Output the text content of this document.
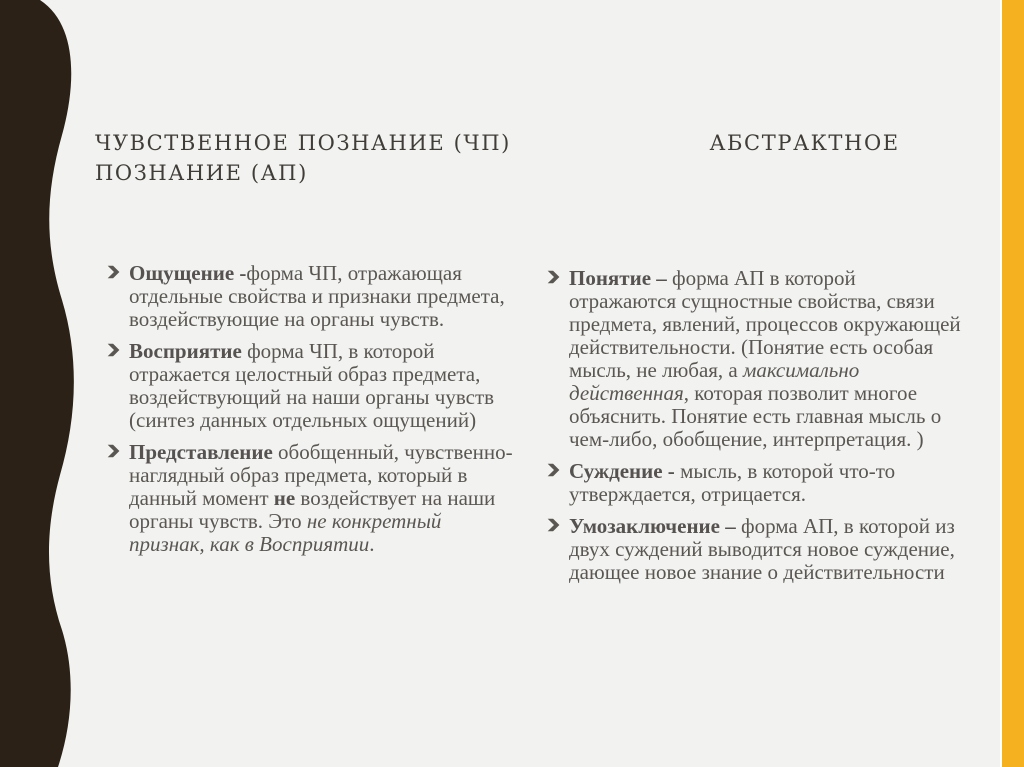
ЧУВСТВЕННОЕ ПОЗНАНИЕ (ЧП)                        АБСТРАКТНОЕ
ПОЗНАНИЕ (АП)
Ощущение -форма ЧП, отражающая отдельные свойства и признаки предмета, воздействующие на органы чувств.
Восприятие форма ЧП, в которой отражается целостный образ предмета, воздействующий на наши органы чувств (синтез данных отдельных ощущений)
Представление обобщенный, чувственно-наглядный образ предмета, который в данный момент не воздействует на наши органы чувств. Это не конкретный признак, как в Восприятии.
Понятие – форма АП в которой отражаются сущностные свойства, связи предмета, явлений, процессов окружающей действительности. (Понятие есть особая мысль, не любая, а максимально действенная, которая позволит многое объяснить. Понятие есть главная мысль о чем-либо, обобщение, интерпретация. )
Суждение - мысль, в которой что-то утверждается, отрицается.
Умозаключение – форма АП, в которой из двух суждений выводится новое суждение, дающее новое знание о действительности
